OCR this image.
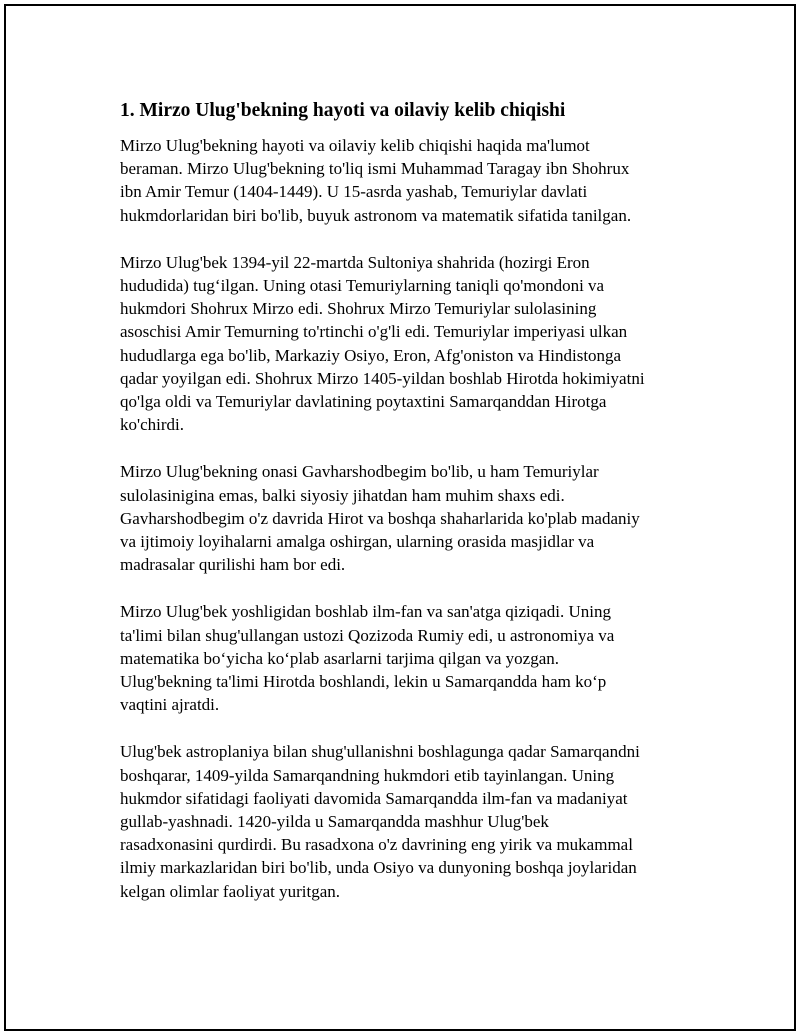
1. Mirzo Ulug'bekning hayoti va oilaviy kelib chiqishi

Mirzo Ulug'bekning hayoti va oilaviy kelib chiqishi haqida ma'lumot
beraman. Mirzo Ulug'bekning to'liq ismi Muhammad Taragay ibn Shohrux
ibn Amir Temur (1404-1449). U 15-asrda yashab, Temuriylar davlati
hukmdorlaridan biri bo'lib, buyuk astronom va matematik sifatida tanilgan.

Mirzo Ulug'bek 1394-yil 22-martda Sultoniya shahrida (hozirgi Eron
hududida) tug‘ilgan. Uning otasi Temuriylarning taniqli qo'mondoni va
hukmdori Shohrux Mirzo edi. Shohrux Mirzo Temuriylar sulolasining
asoschisi Amir Temurning to'rtinchi o'g'li edi. Temuriylar imperiyasi ulkan
hududlarga ega bo'lib, Markaziy Osiyo, Eron, Afg'oniston va Hindistonga
qadar yoyilgan edi. Shohrux Mirzo 1405-yildan boshlab Hirotda hokimiyatni
qo'lga oldi va Temuriylar davlatining poytaxtini Samarqanddan Hirotga
ko'chirdi.

Mirzo Ulug'bekning onasi Gavharshodbegim bo'lib, u ham Temuriylar
sulolasinigina emas, balki siyosiy jihatdan ham muhim shaxs edi.
Gavharshodbegim o'z davrida Hirot va boshqa shaharlarida ko'plab madaniy
va ijtimoiy loyihalarni amalga oshirgan, ularning orasida masjidlar va
madrasalar qurilishi ham bor edi.

Mirzo Ulug'bek yoshligidan boshlab ilm-fan va san'atga qiziqadi. Uning
ta'limi bilan shug'ullangan ustozi Qozizoda Rumiy edi, u astronomiya va
matematika bo‘yicha ko‘plab asarlarni tarjima qilgan va yozgan.
Ulug'bekning ta'limi Hirotda boshlandi, lekin u Samarqandda ham ko‘p
vaqtini ajratdi.

Ulug'bek astroplaniya bilan shug'ullanishni boshlagunga qadar Samarqandni
boshqarar, 1409-yilda Samarqandning hukmdori etib tayinlangan. Uning
hukmdor sifatidagi faoliyati davomida Samarqandda ilm-fan va madaniyat
gullab-yashnadi. 1420-yilda u Samarqandda mashhur Ulug'bek
rasadxonasini qurdirdi. Bu rasadxona o'z davrining eng yirik va mukammal
ilmiy markazlaridan biri bo'lib, unda Osiyo va dunyoning boshqa joylaridan
kelgan olimlar faoliyat yuritgan.
